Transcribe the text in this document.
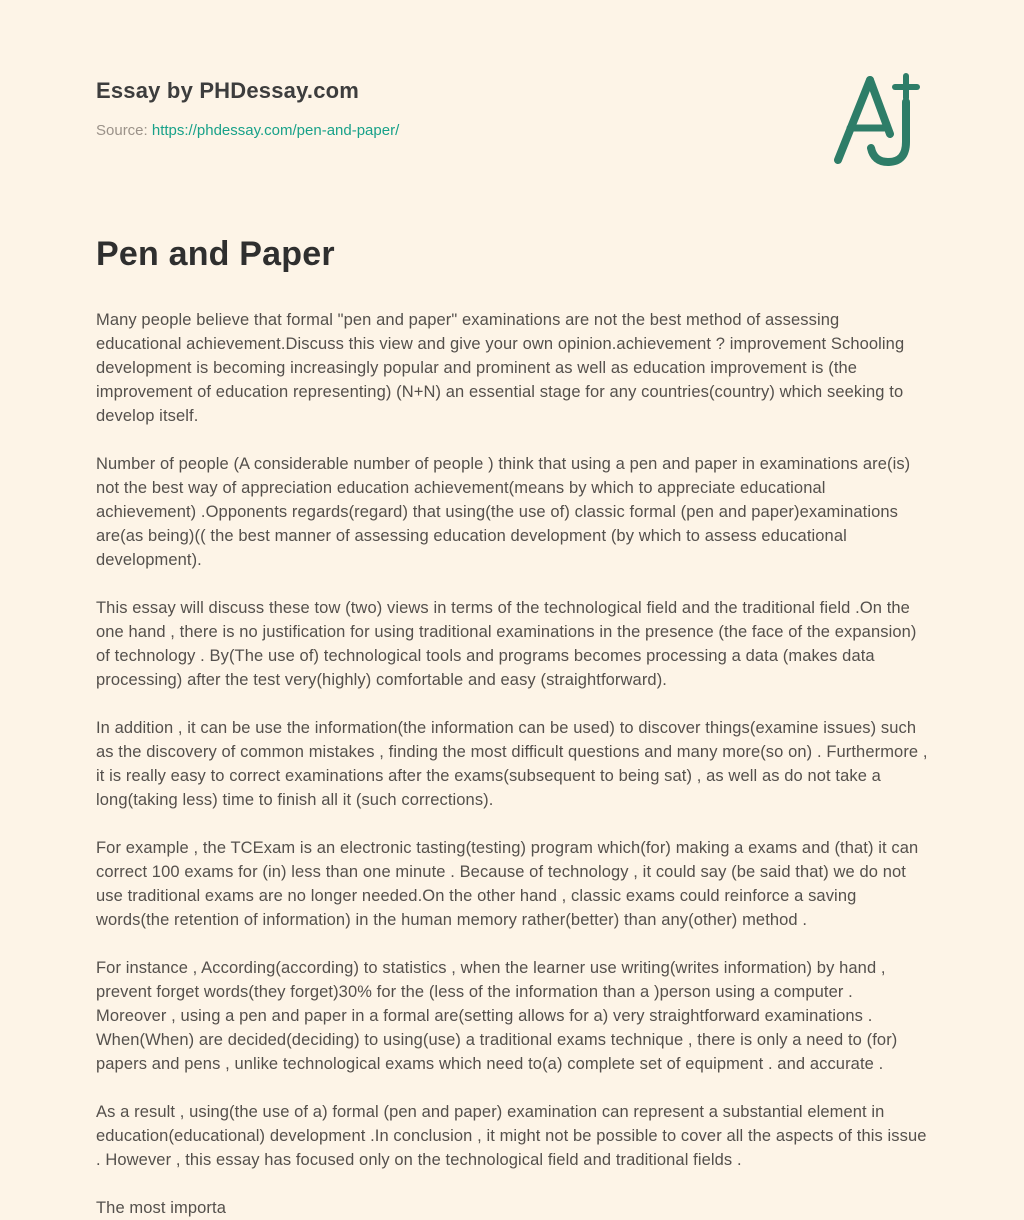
Essay by PHDessay.com
Source: https://phdessay.com/pen-and-paper/
Pen and Paper

Many people believe that formal "pen and paper" examinations are not the best method of assessing educational achievement.Discuss this view and give your own opinion.achievement ? improvement Schooling development is becoming increasingly popular and prominent as well as education improvement is (the improvement of education representing) (N+N) an essential stage for any countries(country) which seeking to develop itself.

Number of people (A considerable number of people ) think that using a pen and paper in examinations are(is) not the best way of appreciation education achievement(means by which to appreciate educational achievement) .Opponents regards(regard) that using(the use of) classic formal (pen and paper)examinations are(as being)(( the best manner of assessing education development (by which to assess educational development).

This essay will discuss these tow (two) views in terms of the technological field and the traditional field .On the one hand , there is no justification for using traditional examinations in the presence (the face of the expansion) of technology . By(The use of) technological tools and programs becomes processing a data (makes data processing) after the test very(highly) comfortable and easy (straightforward).

In addition , it can be use the information(the information can be used) to discover things(examine issues) such as the discovery of common mistakes , finding the most difficult questions and many more(so on) . Furthermore , it is really easy to correct examinations after the exams(subsequent to being sat) , as well as do not take a long(taking less) time to finish all it (such corrections).

For example , the TCExam is an electronic tasting(testing) program which(for) making a exams and (that) it can correct 100 exams for (in) less than one minute . Because of technology , it could say (be said that) we do not use traditional exams are no longer needed.On the other hand , classic exams could reinforce a saving words(the retention of information) in the human memory rather(better) than any(other) method .

For instance , According(according) to statistics , when the learner use writing(writes information) by hand , prevent forget words(they forget)30% for the (less of the information than a )person using a computer . Moreover , using a pen and paper in a formal are(setting allows for a) very straightforward examinations . When(When) are decided(deciding) to using(use) a traditional exams technique , there is only a need to (for) papers and pens , unlike technological exams which need to(a) complete set of equipment . and accurate .

As a result , using(the use of a) formal (pen and paper) examination can represent a substantial element in education(educational) development .In conclusion , it might not be possible to cover all the aspects of this issue . However , this essay has focused only on the technological field and traditional fields .

The most importa
